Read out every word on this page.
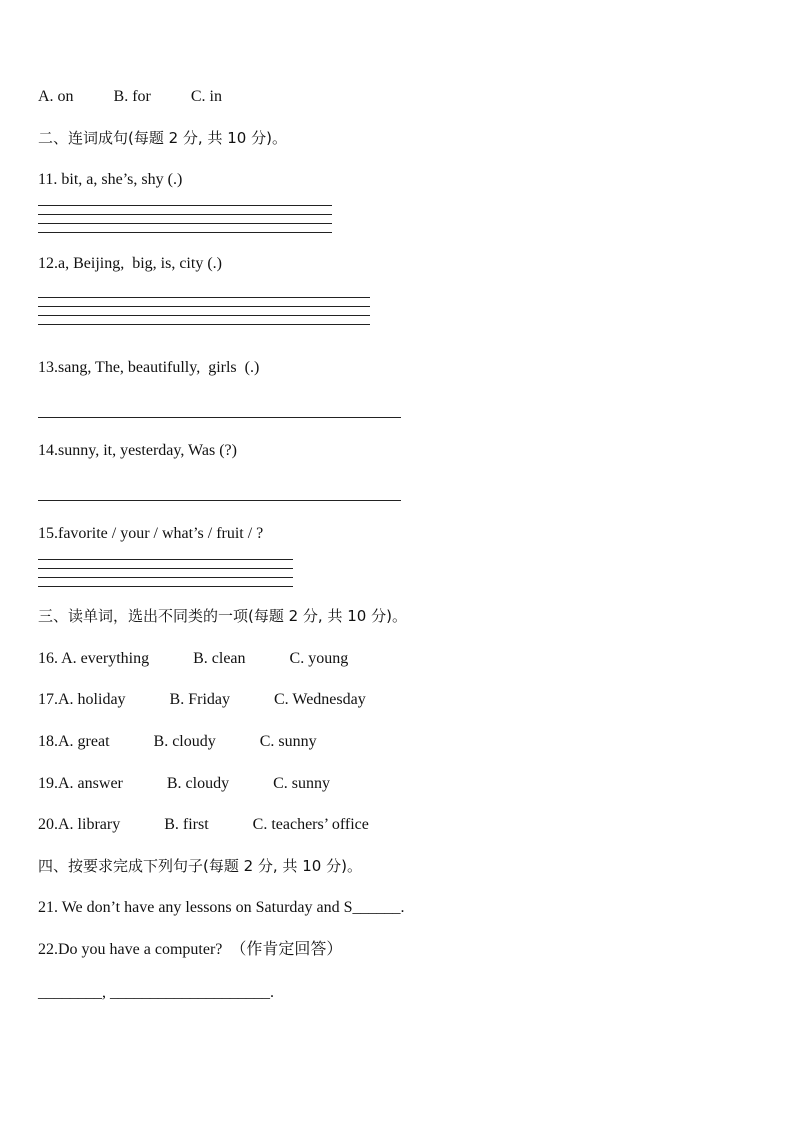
A. on          B. for          C. in
二、连词成句(每题 2 分, 共 10 分)。
11. bit, a, she’s, shy (.)
12.a, Beijing,  big, is, city (.)
13.sang, The, beautifully,  girls  (.)
14.sunny, it, yesterday, Was (?)
15.favorite / your / what’s / fruit / ?
三、读单词，选出不同类的一项(每题 2 分, 共 10 分)。
16. A. everything           B. clean           C. young
17.A. holiday           B. Friday           C. Wednesday
18.A. great           B. cloudy           C. sunny
19.A. answer           B. cloudy           C. sunny
20.A. library           B. first           C. teachers’ office
四、按要求完成下列句子(每题 2 分, 共 10 分)。
21. We don’t have any lessons on Saturday and S______.
22.Do you have a computer?  （作肯定回答）
________, ____________________.
